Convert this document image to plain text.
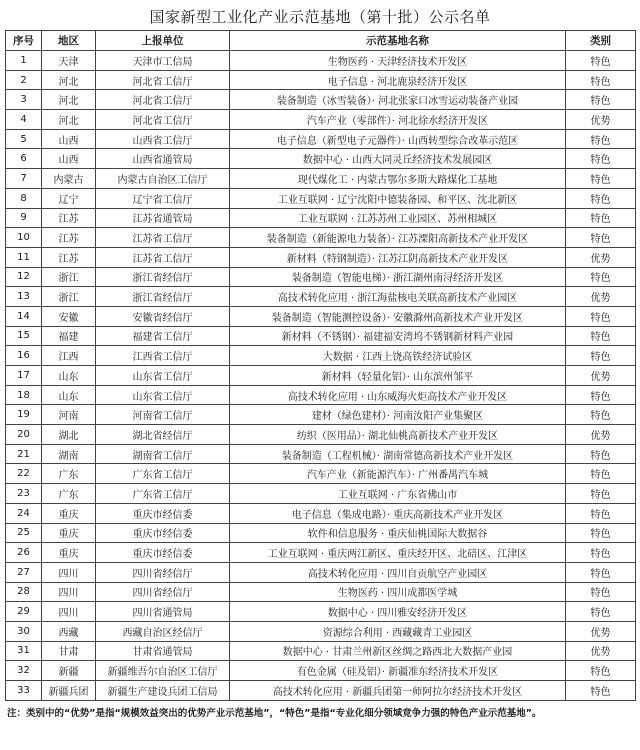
国家新型工业化产业示范基地（第十批）公示名单
序号	地区	上报单位	示范基地名称	类别
1	天津	天津市工信局	生物医药 · 天津经济技术开发区	特色
2	河北	河北省工信厅	电子信息 · 河北鹿泉经济开发区	特色
3	河北	河北省工信厅	装备制造（冰雪装备）· 河北张家口冰雪运动装备产业园	特色
4	河北	河北省工信厅	汽车产业（零部件）· 河北徐水经济开发区	优势
5	山西	山西省工信厅	电子信息（新型电子元器件）· 山西转型综合改革示范区	特色
6	山西	山西省通管局	数据中心 · 山西大同灵丘经济技术发展园区	特色
7	内蒙古	内蒙古自治区工信厅	现代煤化工 · 内蒙古鄂尔多斯大路煤化工基地	特色
8	辽宁	辽宁省工信厅	工业互联网 · 辽宁沈阳中德装备园、和平区、沈北新区	特色
9	江苏	江苏省通管局	工业互联网 · 江苏苏州工业园区、苏州相城区	特色
10	江苏	江苏省工信厅	装备制造（新能源电力装备）· 江苏溧阳高新技术产业开发区	特色
11	江苏	江苏省工信厅	新材料（特钢制造）· 江苏江阴高新技术产业开发区	优势
12	浙江	浙江省经信厅	装备制造（智能电梯）· 浙江湖州南浔经济开发区	特色
13	浙江	浙江省经信厅	高技术转化应用 · 浙江海盐核电关联高新技术产业园区	优势
14	安徽	安徽省经信厅	装备制造（智能测控设备）· 安徽滁州高新技术产业开发区	特色
15	福建	福建省工信厅	新材料（不锈钢）· 福建福安湾坞不锈钢新材料产业园	特色
16	江西	江西省工信厅	大数据 · 江西上饶高铁经济试验区	特色
17	山东	山东省工信厅	新材料（轻量化铝）· 山东滨州邹平	优势
18	山东	山东省工信厅	高技术转化应用 · 山东威海火炬高技术产业开发区	特色
19	河南	河南省工信厅	建材（绿色建材）· 河南汝阳产业集聚区	特色
20	湖北	湖北省经信厅	纺织（医用品）· 湖北仙桃高新技术产业开发区	优势
21	湖南	湖南省工信厅	装备制造（工程机械）· 湖南常德高新技术产业开发区	特色
22	广东	广东省工信厅	汽车产业（新能源汽车）· 广州番禺汽车城	特色
23	广东	广东省工信厅	工业互联网 · 广东省佛山市	特色
24	重庆	重庆市经信委	电子信息（集成电路）· 重庆高新技术产业开发区	特色
25	重庆	重庆市经信委	软件和信息服务 · 重庆仙桃国际大数据谷	特色
26	重庆	重庆市经信委	工业互联网 · 重庆两江新区、重庆经开区、北碚区、江津区	特色
27	四川	四川省经信厅	高技术转化应用 · 四川自贡航空产业园区	特色
28	四川	四川省经信厅	生物医药 · 四川成都医学城	特色
29	四川	四川省通管局	数据中心 · 四川雅安经济开发区	特色
30	西藏	西藏自治区经信厅	资源综合利用 · 西藏藏青工业园区	优势
31	甘肃	甘肃省通管局	数据中心 · 甘肃兰州新区丝绸之路西北大数据产业园	优势
32	新疆	新疆维吾尔自治区工信厅	有色金属（硅及铝）· 新疆准东经济技术开发区	特色
33	新疆兵团	新疆生产建设兵团工信局	高技术转化应用 · 新疆兵团第一师阿拉尔经济技术开发区	特色
注：类别中的“优势”是指“规模效益突出的优势产业示范基地”，“特色”是指“专业化细分领域竞争力强的特色产业示范基地”。
